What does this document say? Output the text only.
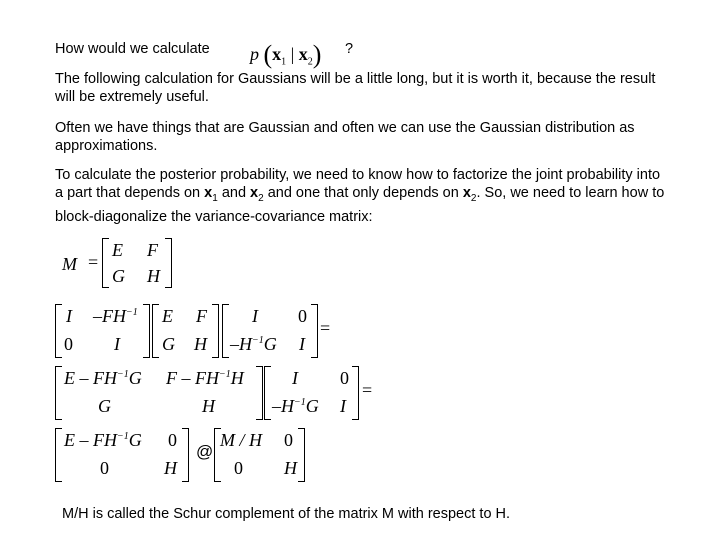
How would we calculate p ($x_1$ | $x_2$) ?
The following calculation for Gaussians will be a little long, but it is worth it, because the result will be extremely useful.
Often we have things that are Gaussian and often we can use the Gaussian distribution as approximations.
To calculate the posterior probability, we need to know how to factorize the joint probability into a part that depends on $x_1$ and $x_2$ and one that only depends on $x_2$. So, we need to learn how to block-diagonalize the variance-covariance matrix:
M =
E F
G H
I $-FH^{-1}$
0 I
E F
G H
I 0
$-H^{-1}G$ I
=
E – $FH^{-1}G$ F – $FH^{-1}H$
G	H
I 0
$-H^{-1}G$ I
=
E – $FH^{-1}G$ 0
0	H
@
M / H 0
0 H
M/H is called the Schur complement of the matrix M with respect to H.
